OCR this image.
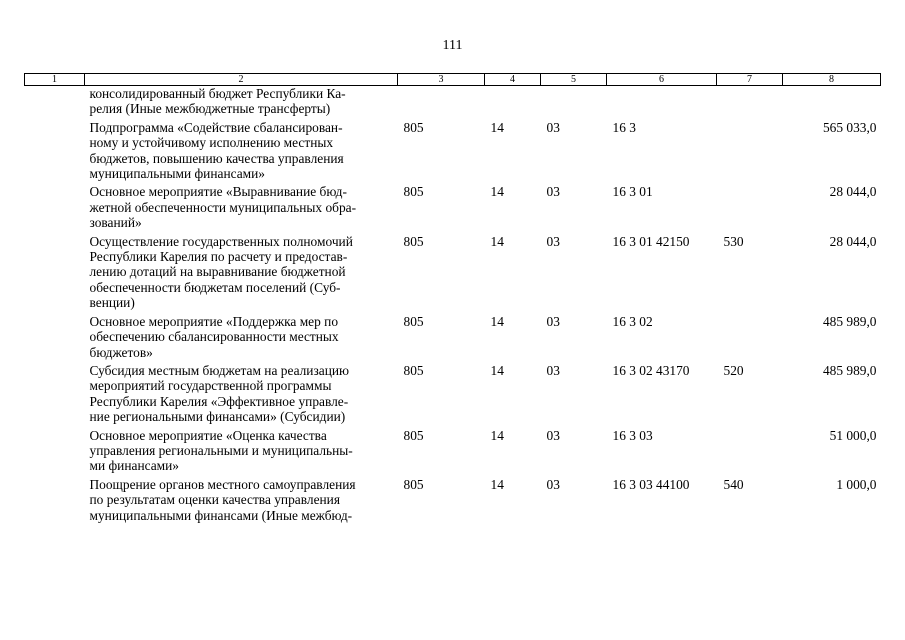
111
1	2	3	4	5	6	7	8

	консолидированный бюджет Республики Ка-
релия (Иные межбюджетные трансферты)						

	Подпрограмма «Содействие сбалансирован-
ному и устойчивому исполнению местных
бюджетов, повышению качества управления
муниципальными финансами»	805	14	03	16 3		565 033,0

	Основное мероприятие «Выравнивание бюд-
жетной обеспеченности муниципальных обра-
зований»	805	14	03	16 3 01		28 044,0

	Осуществление государственных полномочий
Республики Карелия по расчету и предостав-
лению дотаций на выравнивание бюджетной
обеспеченности бюджетам поселений (Суб-
венции)	805	14	03	16 3 01 42150	530	28 044,0

	Основное мероприятие «Поддержка мер по
обеспечению сбалансированности местных
бюджетов»	805	14	03	16 3 02		485 989,0

	Субсидия местным бюджетам на реализацию
мероприятий государственной программы
Республики Карелия «Эффективное управле-
ние региональными финансами» (Субсидии)	805	14	03	16 3 02 43170	520	485 989,0

	Основное мероприятие «Оценка качества
управления региональными и муниципальны-
ми финансами»	805	14	03	16 3 03		51 000,0

	Поощрение органов местного самоуправления
по результатам оценки качества управления
муниципальными финансами (Иные межбюд-	805	14	03	16 3 03 44100	540	1 000,0
